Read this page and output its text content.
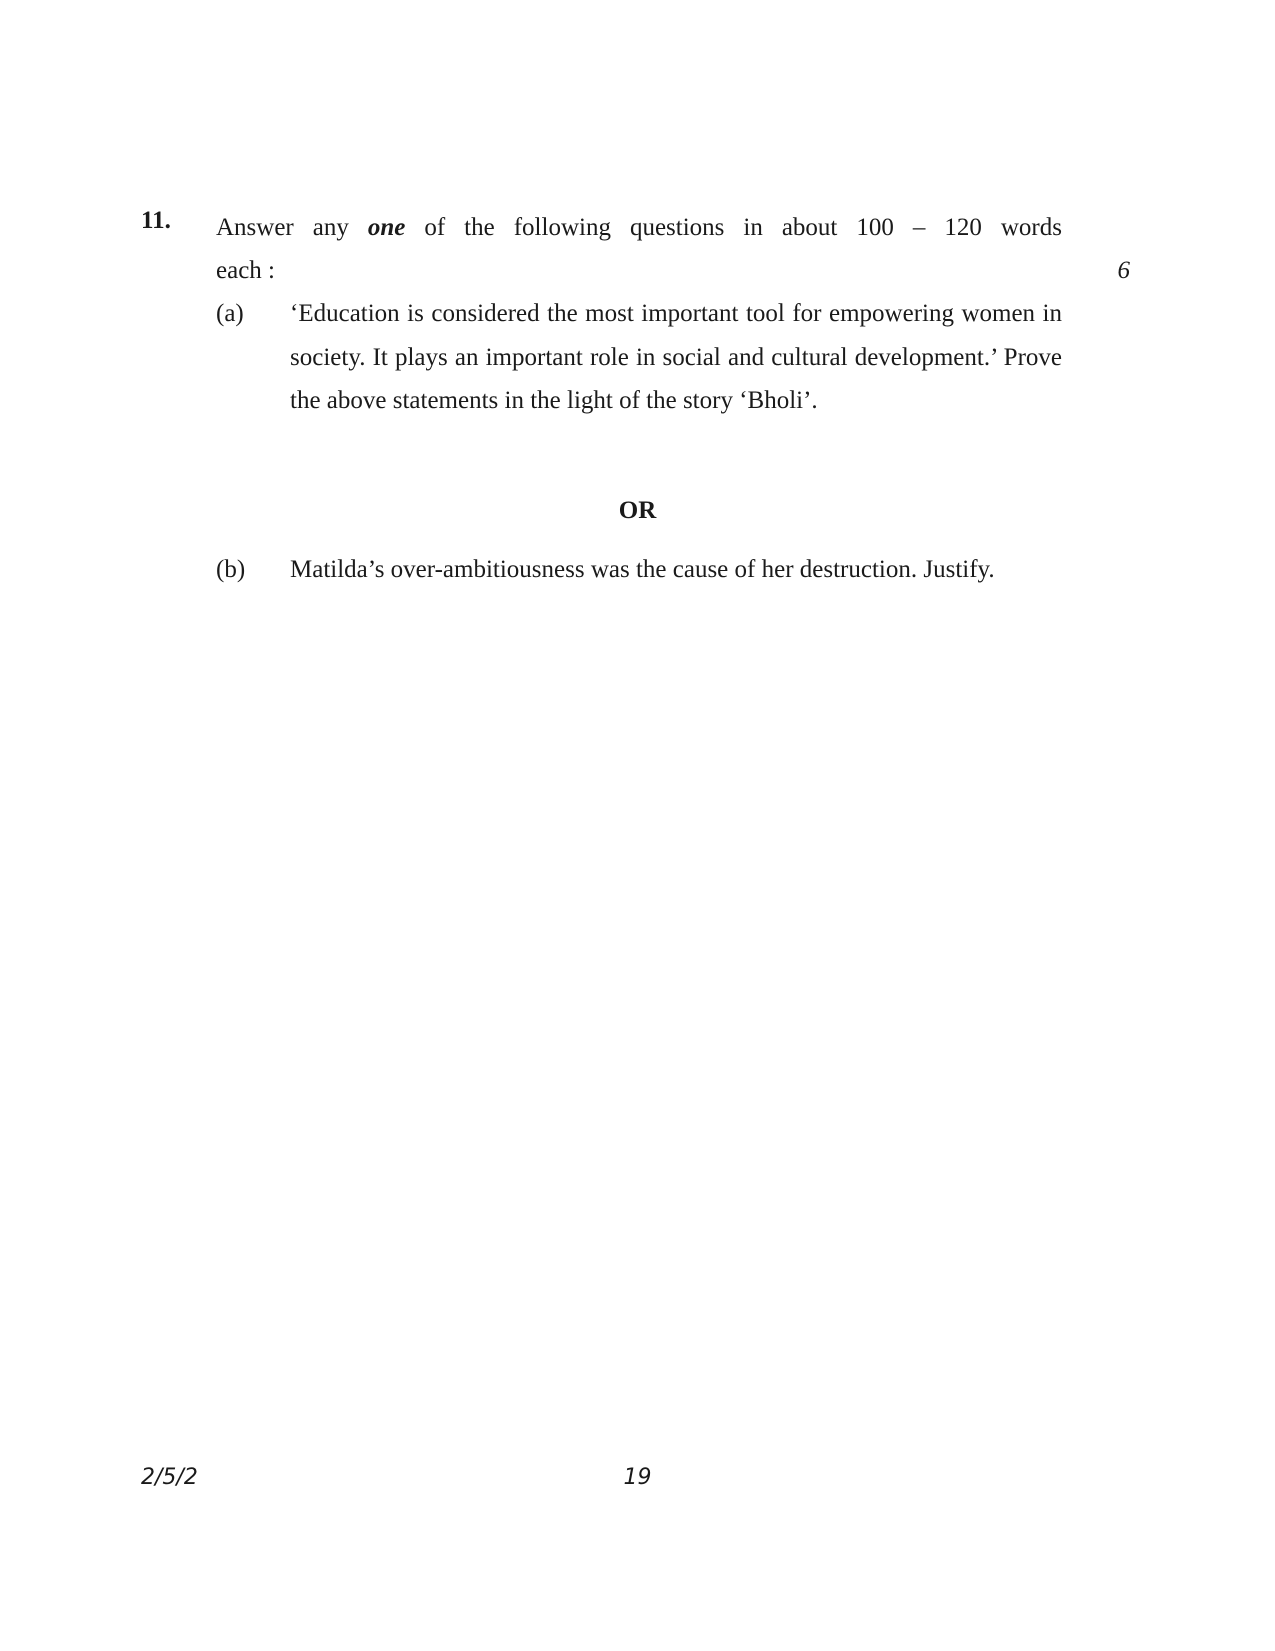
11. Answer any one of the following questions in about 100 – 120 words
each :	6
(a) ‘Education is considered the most important tool for empowering women in society. It plays an important role in social and cultural development.’ Prove the above statements in the light of the story ‘Bholi’.
OR
(b) Matilda’s over-ambitiousness was the cause of her destruction. Justify.
2/5/2	19
